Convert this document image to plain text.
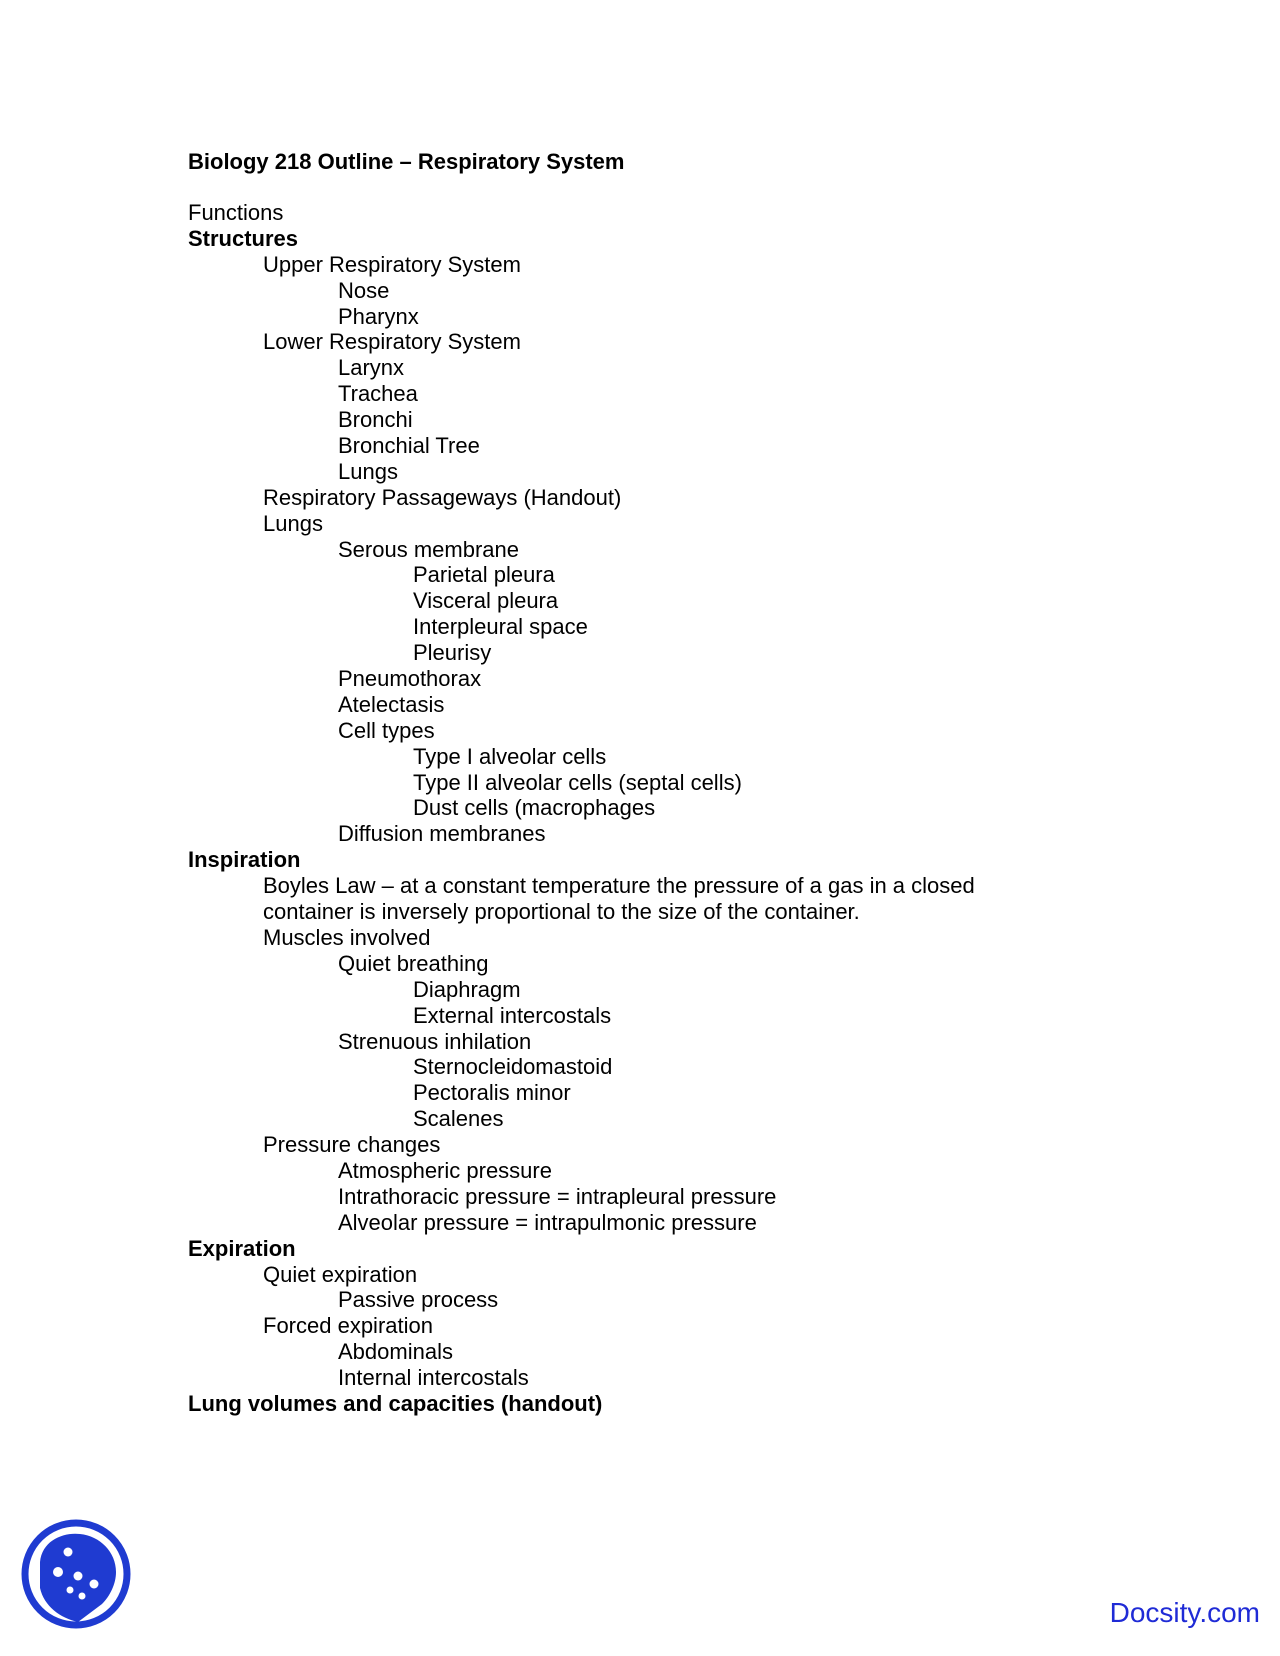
Biology 218 Outline – Respiratory System
Functions
Structures
Upper Respiratory System
Nose
Pharynx
Lower Respiratory System
Larynx
Trachea
Bronchi
Bronchial Tree
Lungs
Respiratory Passageways (Handout)
Lungs
Serous membrane
Parietal pleura
Visceral pleura
Interpleural space
Pleurisy
Pneumothorax
Atelectasis
Cell types
Type I alveolar cells
Type II alveolar cells (septal cells)
Dust cells (macrophages
Diffusion membranes
Inspiration
Boyles Law – at a constant temperature the pressure of a gas in a closed container is inversely proportional to the size of the container.
Muscles involved
Quiet breathing
Diaphragm
External intercostals
Strenuous inhilation
Sternocleidomastoid
Pectoralis minor
Scalenes
Pressure changes
Atmospheric pressure
Intrathoracic pressure = intrapleural pressure
Alveolar pressure = intrapulmonic pressure
Expiration
Quiet expiration
Passive process
Forced expiration
Abdominals
Internal intercostals
Lung volumes and capacities (handout)
Docsity.com
